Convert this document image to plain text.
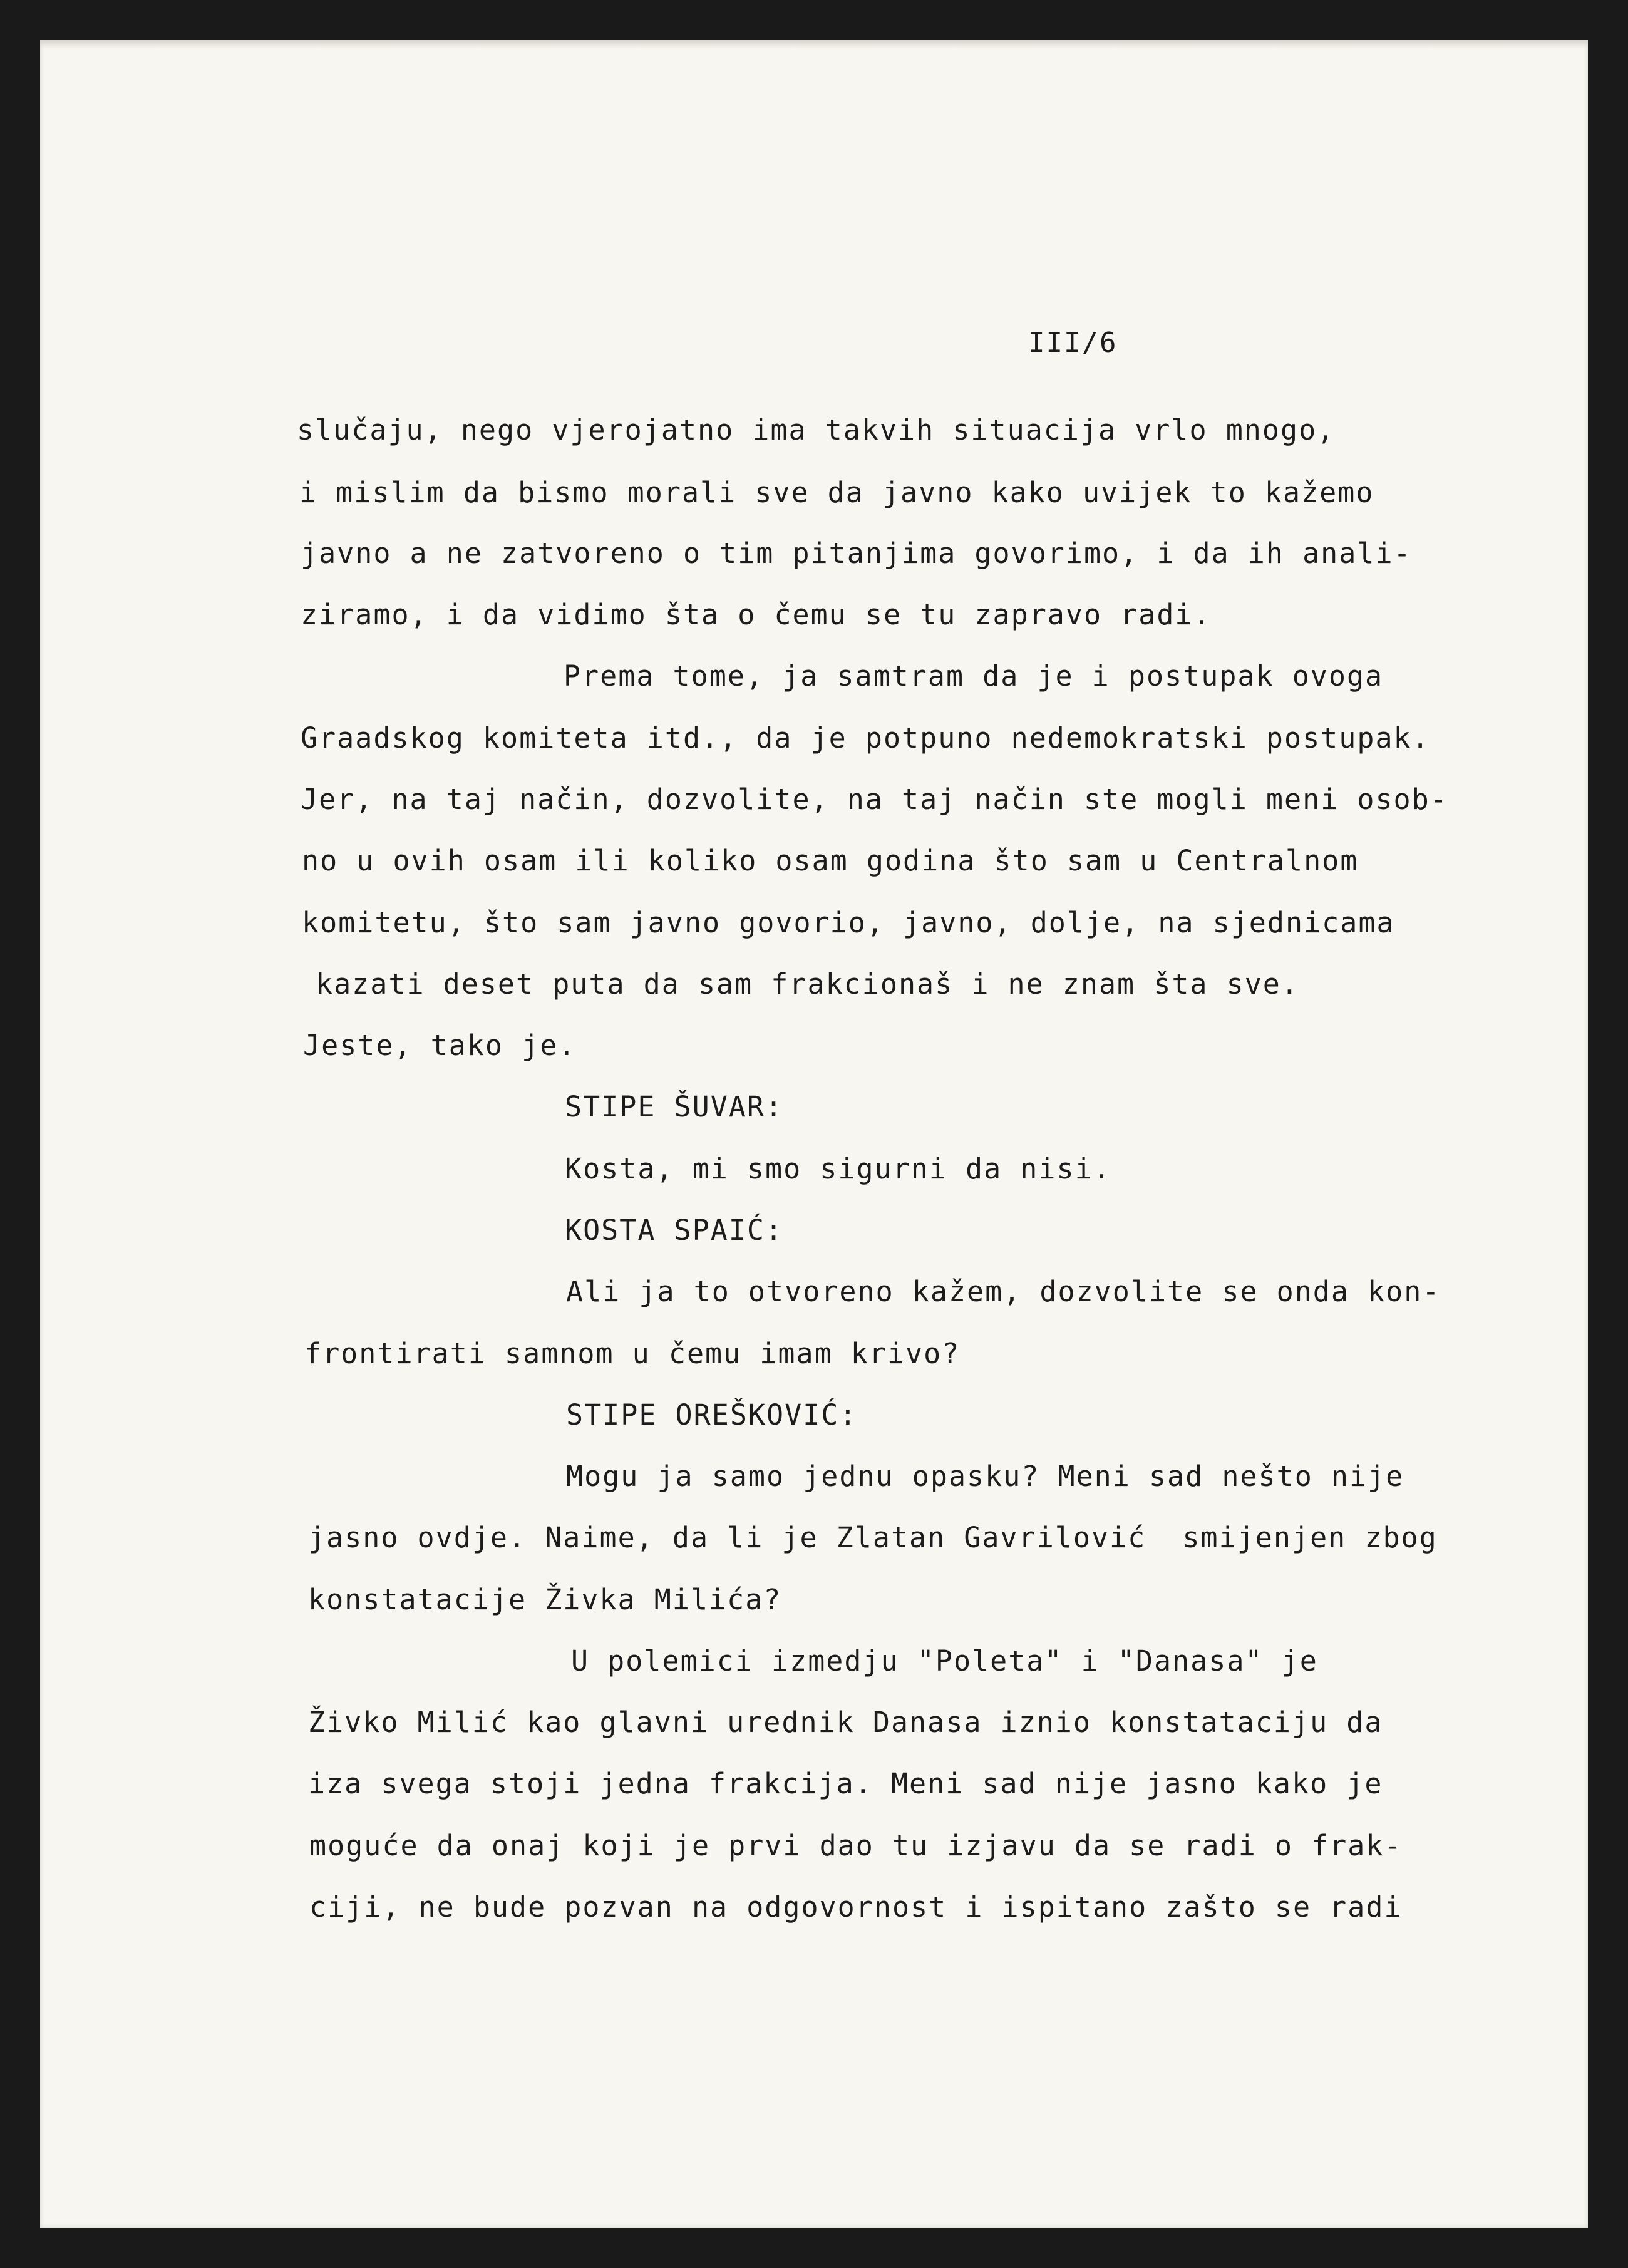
III/6
slučaju, nego vjerojatno ima takvih situacija vrlo mnogo,
i mislim da bismo morali sve da javno kako uvijek to kažemo
javno a ne zatvoreno o tim pitanjima govorimo, i da ih anali-
ziramo, i da vidimo šta o čemu se tu zapravo radi.
Prema tome, ja samtram da je i postupak ovoga
Graadskog komiteta itd., da je potpuno nedemokratski postupak.
Jer, na taj način, dozvolite, na taj način ste mogli meni osob-
no u ovih osam ili koliko osam godina što sam u Centralnom
komitetu, što sam javno govorio, javno, dolje, na sjednicama
kazati deset puta da sam frakcionaš i ne znam šta sve.
Jeste, tako je.
STIPE ŠUVAR:
Kosta, mi smo sigurni da nisi.
KOSTA SPAIĆ:
Ali ja to otvoreno kažem, dozvolite se onda kon-
frontirati samnom u čemu imam krivo?
STIPE OREŠKOVIĆ:
Mogu ja samo jednu opasku? Meni sad nešto nije
jasno ovdje. Naime, da li je Zlatan Gavrilović  smijenjen zbog
konstatacije Živka Milića?
U polemici izmedju "Poleta" i "Danasa" je
Živko Milić kao glavni urednik Danasa iznio konstataciju da
iza svega stoji jedna frakcija. Meni sad nije jasno kako je
moguće da onaj koji je prvi dao tu izjavu da se radi o frak-
ciji, ne bude pozvan na odgovornost i ispitano zašto se radi
